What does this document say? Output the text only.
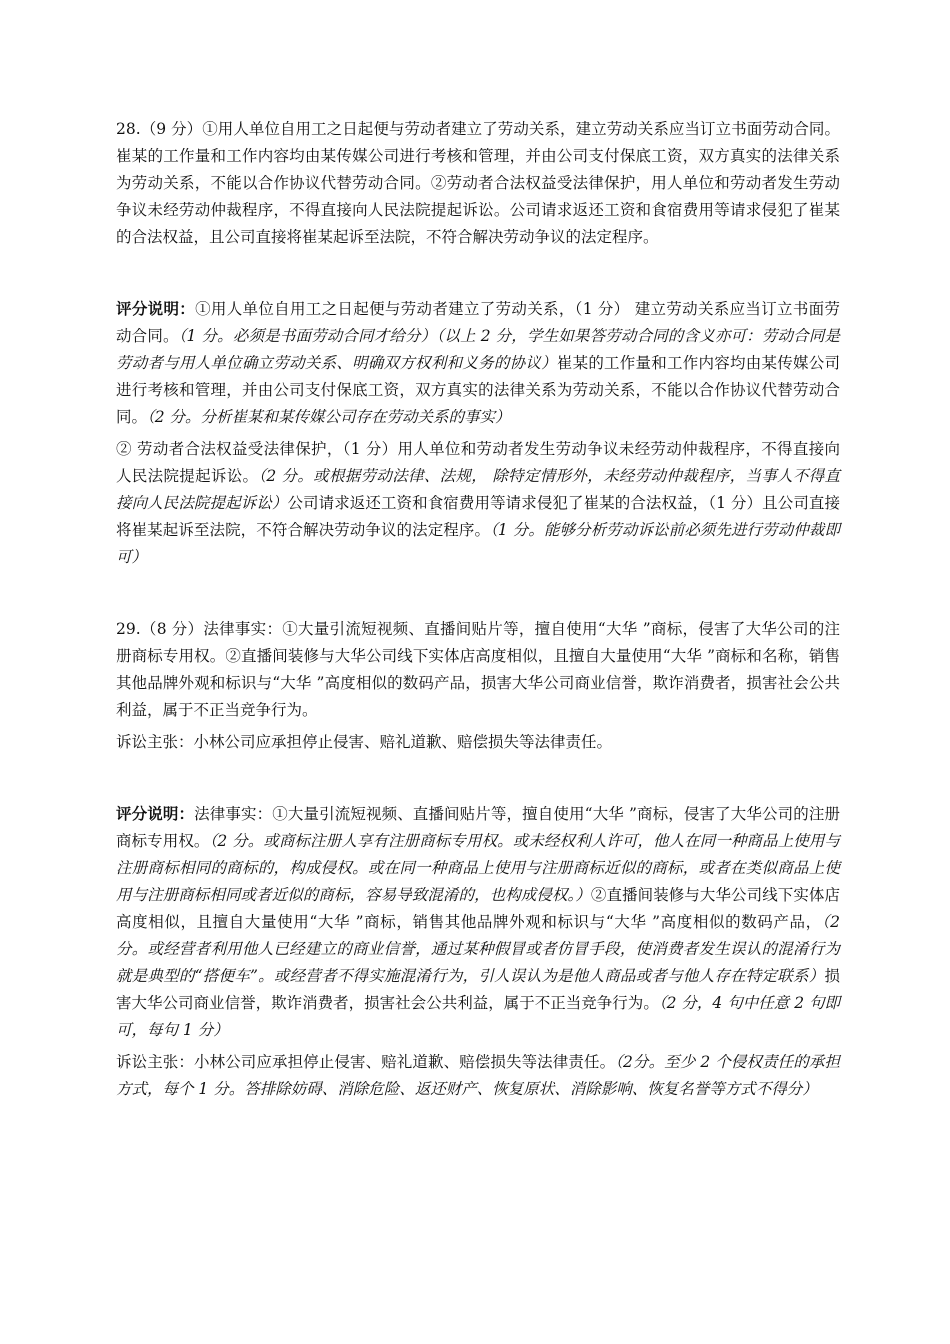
28.（9 分）①用人单位自用工之日起便与劳动者建立了劳动关系，建立劳动关系应当订立书面劳动合同。崔某的工作量和工作内容均由某传媒公司进行考核和管理，并由公司支付保底工资，双方真实的法律关系为劳动关系，不能以合作协议代替劳动合同。②劳动者合法权益受法律保护，用人单位和劳动者发生劳动争议未经劳动仲裁程序，不得直接向人民法院提起诉讼。公司请求返还工资和食宿费用等请求侵犯了崔某的合法权益，且公司直接将崔某起诉至法院，不符合解决劳动争议的法定程序。

评分说明：①用人单位自用工之日起便与劳动者建立了劳动关系，（1 分） 建立劳动关系应当订立书面劳动合同。（1 分。必须是书面劳动合同才给分）（以上 2 分，学生如果答劳动合同的含义亦可：劳动合同是劳动者与用人单位确立劳动关系、明确双方权利和义务的协议）崔某的工作量和工作内容均由某传媒公司进行考核和管理，并由公司支付保底工资，双方真实的法律关系为劳动关系，不能以合作协议代替劳动合同。（2 分。分析崔某和某传媒公司存在劳动关系的事实）

② 劳动者合法权益受法律保护，（1 分）用人单位和劳动者发生劳动争议未经劳动仲裁程序，不得直接向人民法院提起诉讼。（2 分。或根据劳动法律、法规， 除特定情形外，未经劳动仲裁程序，当事人不得直接向人民法院提起诉讼）公司请求返还工资和食宿费用等请求侵犯了崔某的合法权益，（1 分）且公司直接将崔某起诉至法院，不符合解决劳动争议的法定程序。（1 分。能够分析劳动诉讼前必须先进行劳动仲裁即可）

29.（8 分）法律事实：①大量引流短视频、直播间贴片等，擅自使用“大华 ”商标，侵害了大华公司的注册商标专用权。②直播间装修与大华公司线下实体店高度相似，且擅自大量使用“大华 ”商标和名称，销售其他品牌外观和标识与“大华 ”高度相似的数码产品，损害大华公司商业信誉，欺诈消费者，损害社会公共利益，属于不正当竞争行为。

诉讼主张：小林公司应承担停止侵害、赔礼道歉、赔偿损失等法律责任。

评分说明：法律事实：①大量引流短视频、直播间贴片等，擅自使用“大华 ”商标，侵害了大华公司的注册商标专用权。（2 分。或商标注册人享有注册商标专用权。或未经权利人许可，他人在同一种商品上使用与注册商标相同的商标的，构成侵权。或在同一种商品上使用与注册商标近似的商标，或者在类似商品上使用与注册商标相同或者近似的商标，容易导致混淆的，也构成侵权。）②直播间装修与大华公司线下实体店高度相似，且擅自大量使用“大华 ”商标，销售其他品牌外观和标识与“大华 ”高度相似的数码产品，（2 分。或经营者利用他人已经建立的商业信誉，通过某种假冒或者仿冒手段，使消费者发生误认的混淆行为就是典型的“搭便车”。或经营者不得实施混淆行为，引人误认为是他人商品或者与他人存在特定联系）损害大华公司商业信誉，欺诈消费者，损害社会公共利益，属于不正当竞争行为。（2 分，4 句中任意 2 句即可，每句 1 分）

诉讼主张：小林公司应承担停止侵害、赔礼道歉、赔偿损失等法律责任。（2分。至少 2 个侵权责任的承担方式，每个 1 分。答排除妨碍、消除危险、返还财产、恢复原状、消除影响、恢复名誉等方式不得分）
